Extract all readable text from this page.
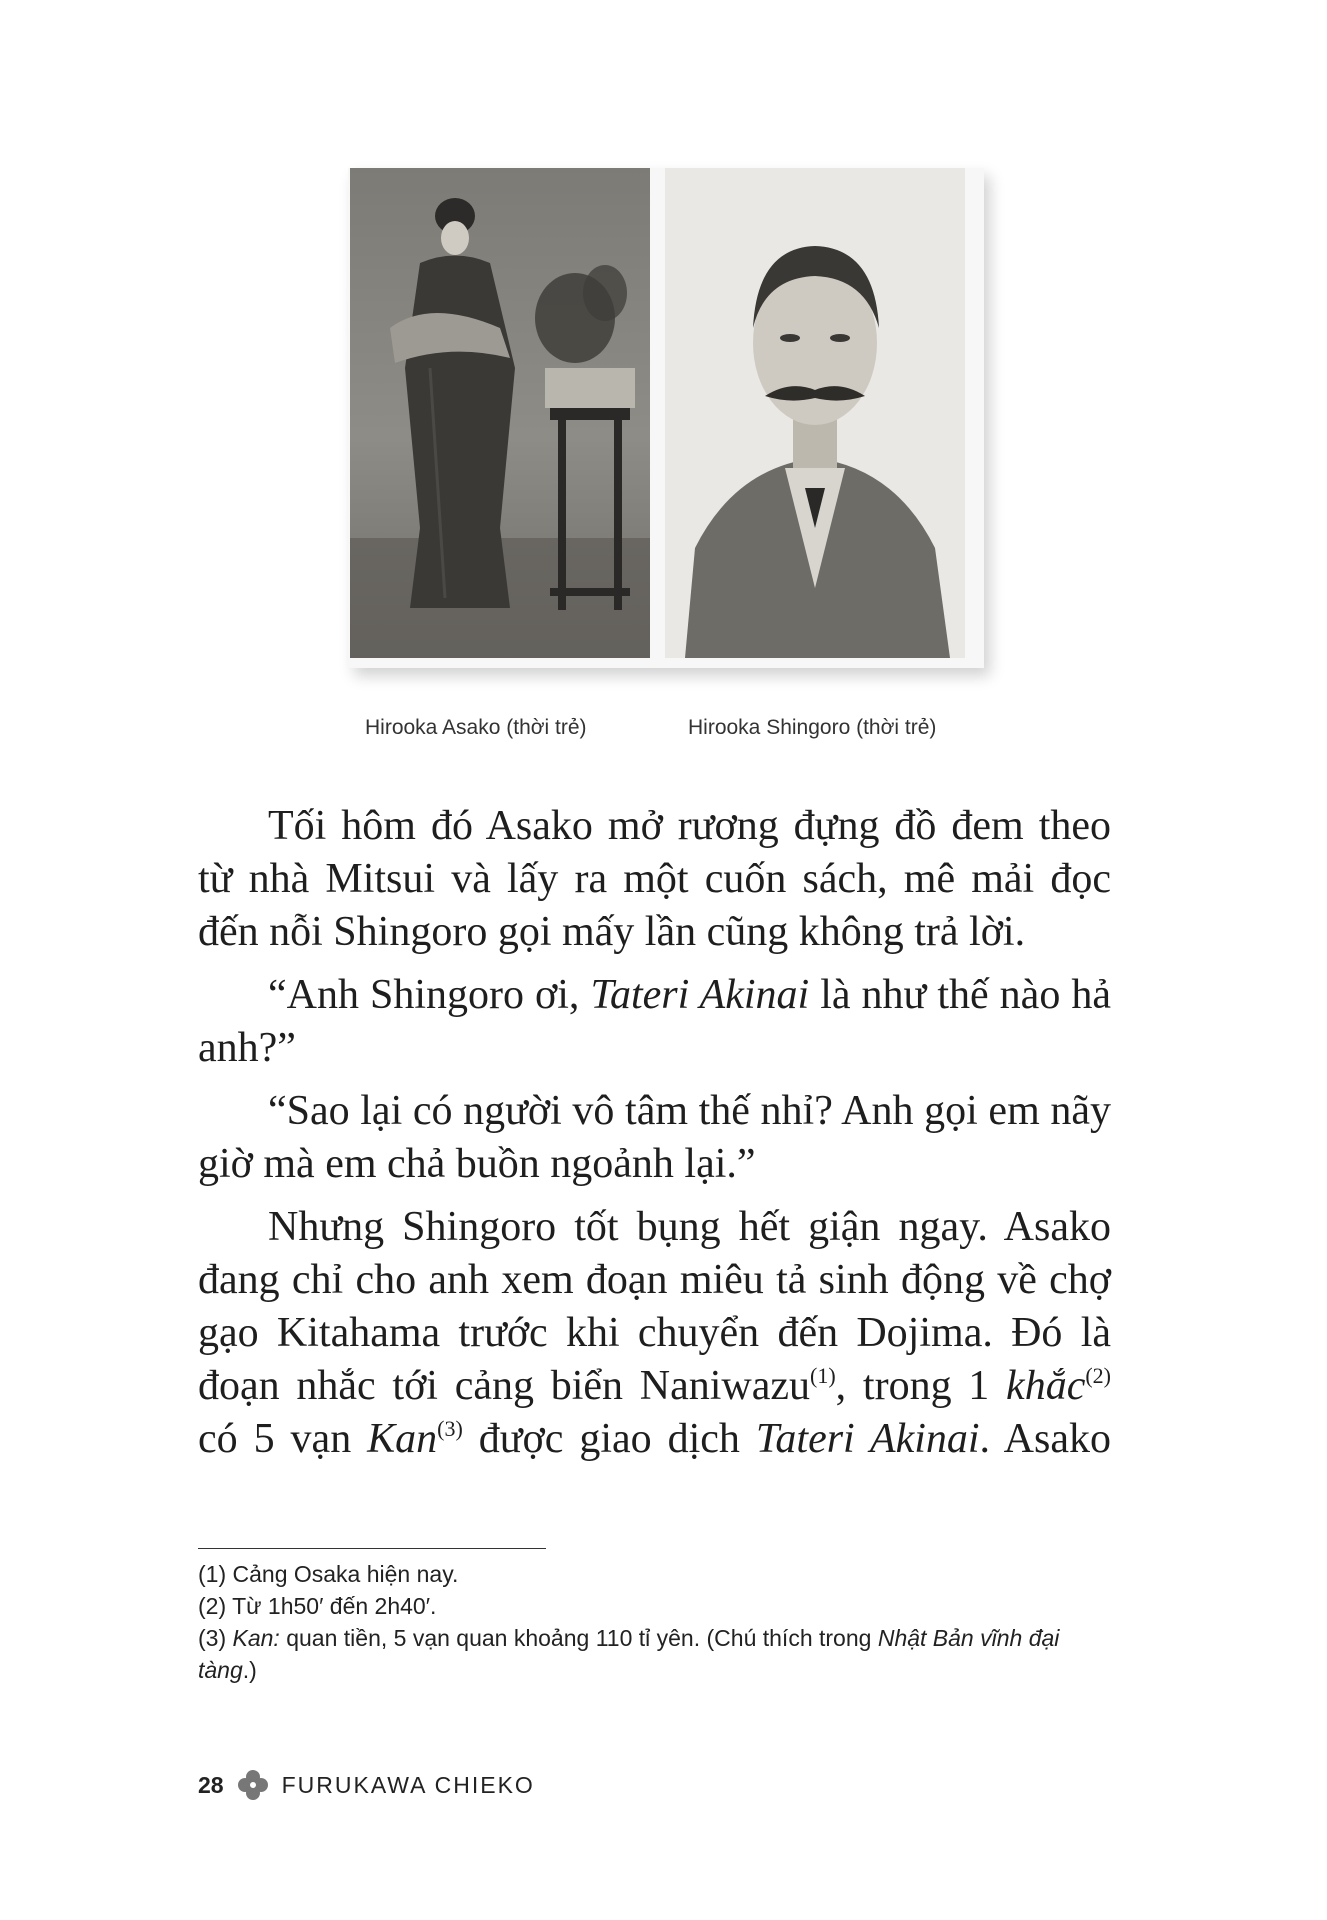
Hirooka Asako (thời trẻ)	Hirooka Shingoro (thời trẻ)

Tối hôm đó Asako mở rương đựng đồ đem theo từ nhà Mitsui và lấy ra một cuốn sách, mê mải đọc đến nỗi Shingoro gọi mấy lần cũng không trả lời.

“Anh Shingoro ơi, Tateri Akinai là như thế nào hả anh?”

“Sao lại có người vô tâm thế nhỉ? Anh gọi em nãy giờ mà em chả buồn ngoảnh lại.”

Nhưng Shingoro tốt bụng hết giận ngay. Asako đang chỉ cho anh xem đoạn miêu tả sinh động về chợ gạo Kitahama trước khi chuyển đến Dojima. Đó là đoạn nhắc tới cảng biển Naniwazu$^{(1)}$, trong 1 khắc$^{(2)}$ có 5 vạn Kan$^{(3)}$ được giao dịch Tateri Akinai. Asako

(1) Cảng Osaka hiện nay.

(2) Từ 1h50′ đến 2h40′.

(3) Kan: quan tiền, 5 vạn quan khoảng 110 tỉ yên. (Chú thích trong Nhật Bản vĩnh đại tàng.)

28	FURUKAWA CHIEKO
